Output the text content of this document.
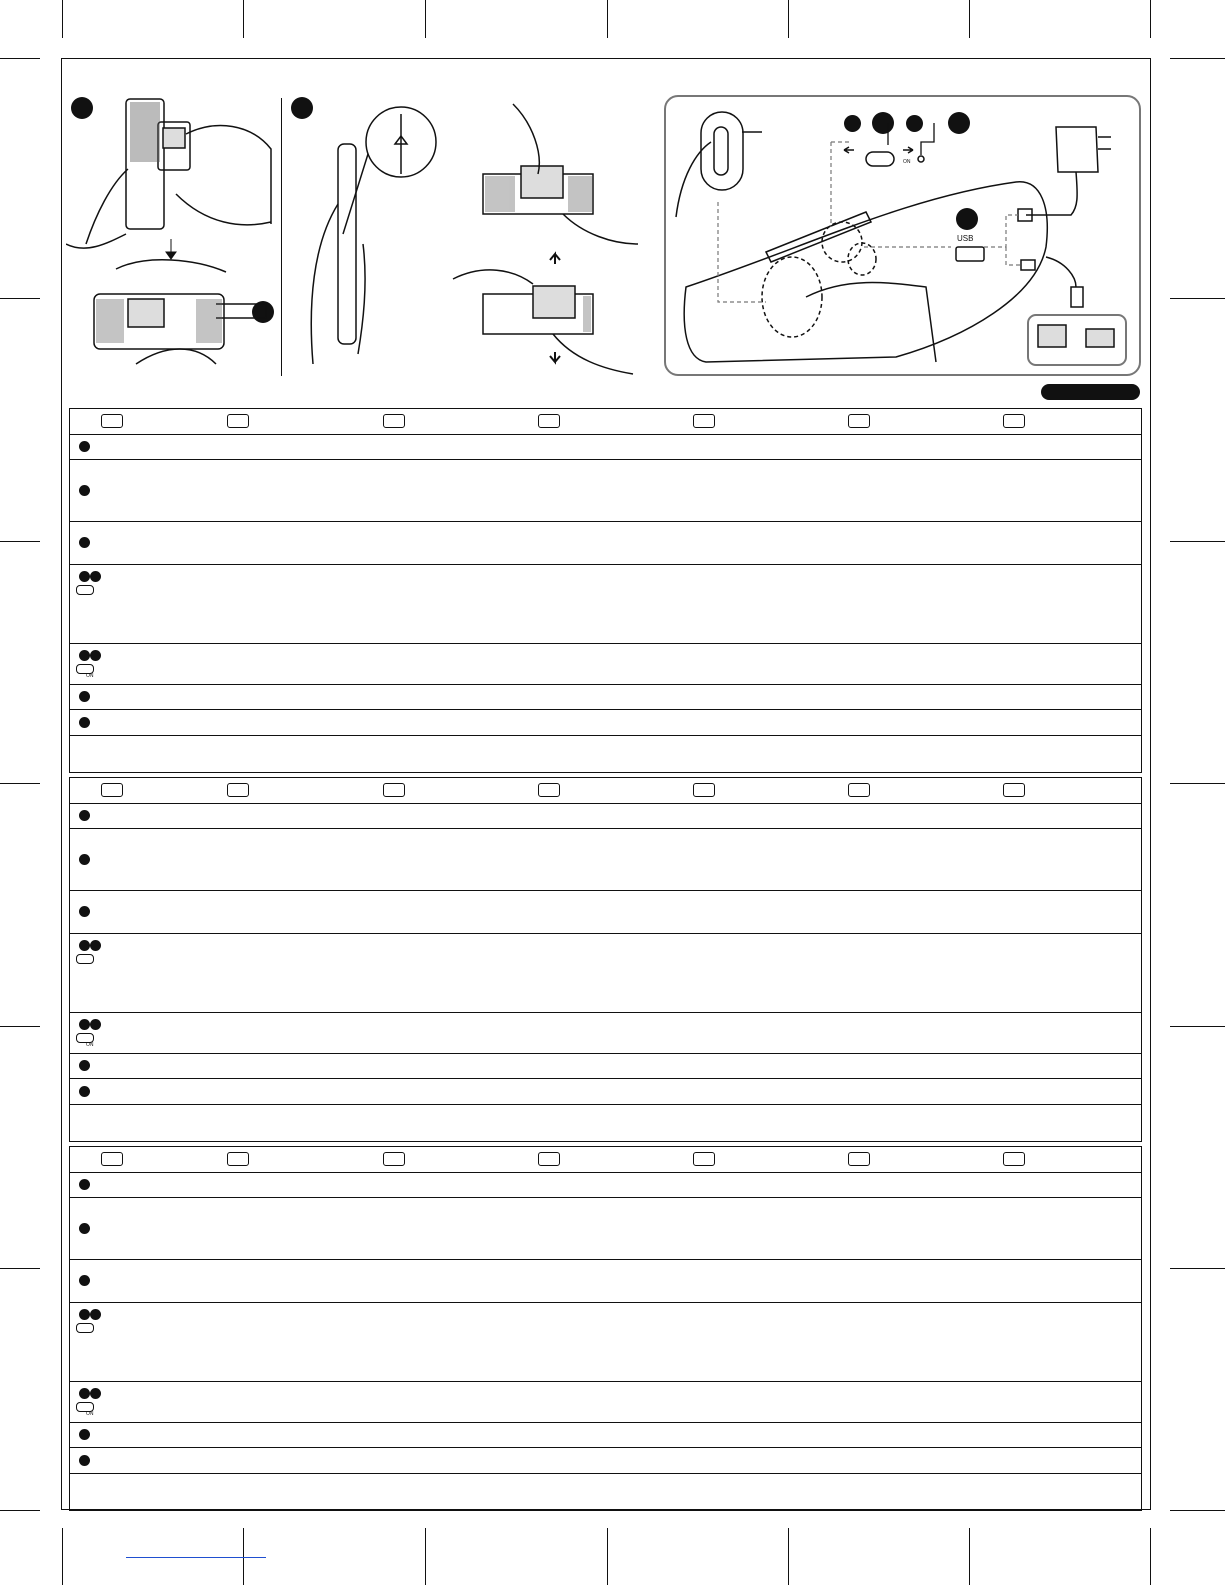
USB
ON
ON
ON
ON
